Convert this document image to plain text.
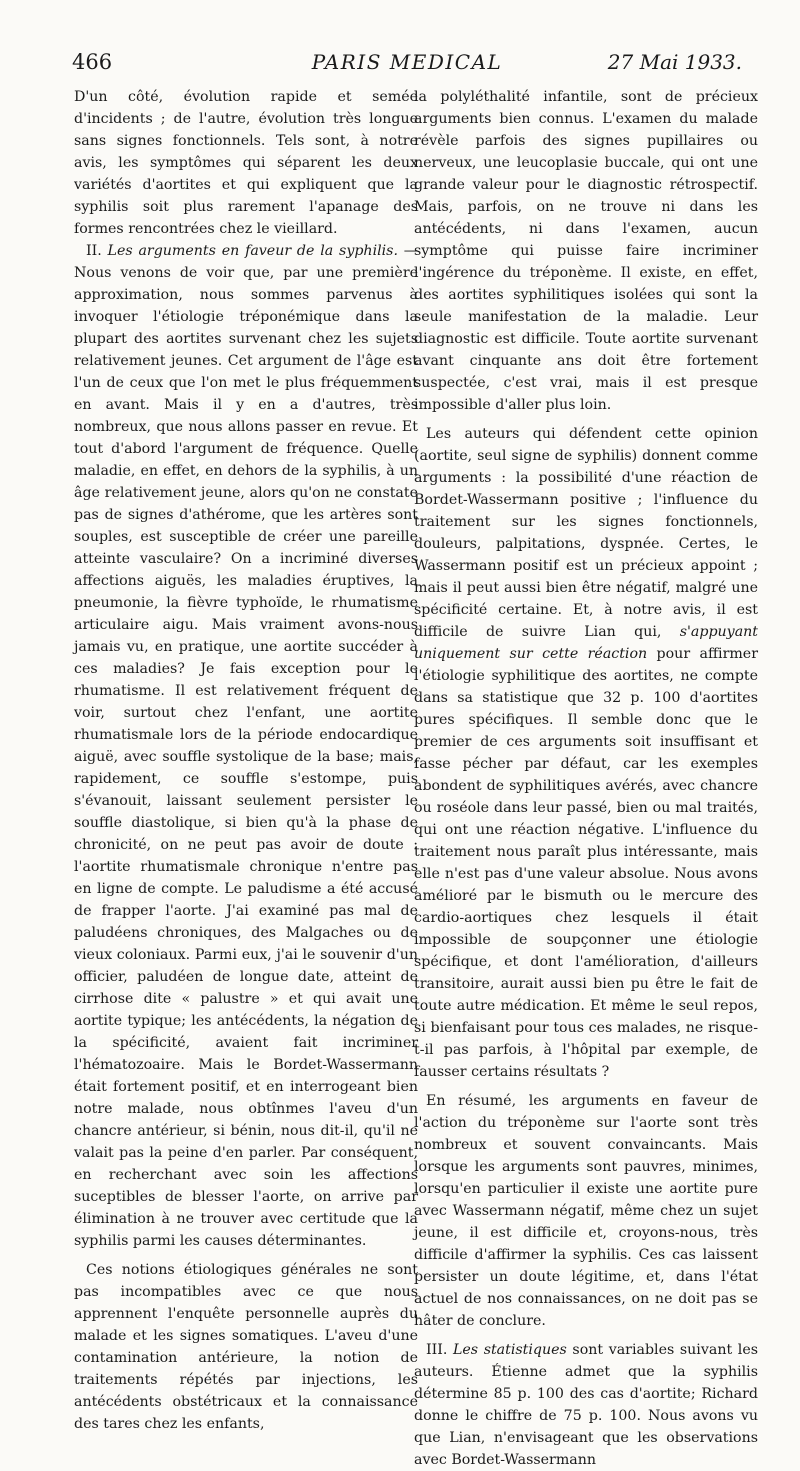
466	PARIS MEDICAL	27 Mai 1933.

D'un côté, évolution rapide et semée d'incidents ; de l'autre, évolution très longue sans signes fonctionnels. Tels sont, à notre avis, les symptômes qui séparent les deux variétés d'aortites et qui expliquent que la syphilis soit plus rarement l'apanage des formes rencontrées chez le vieillard.

II. Les arguments en faveur de la syphilis. — Nous venons de voir que, par une première approximation, nous sommes parvenus à invoquer l'étiologie tréponémique dans la plupart des aortites survenant chez les sujets relativement jeunes. Cet argument de l'âge est l'un de ceux que l'on met le plus fréquemment en avant. Mais il y en a d'autres, très nombreux, que nous allons passer en revue. Et tout d'abord l'argument de fréquence. Quelle maladie, en effet, en dehors de la syphilis, à un âge relativement jeune, alors qu'on ne constate pas de signes d'athérome, que les artères sont souples, est susceptible de créer une pareille atteinte vasculaire? On a incriminé diverses affections aiguës, les maladies éruptives, la pneumonie, la fièvre typhoïde, le rhumatisme articulaire aigu. Mais vraiment avons-nous jamais vu, en pratique, une aortite succéder à ces maladies? Je fais exception pour le rhumatisme. Il est relativement fréquent de voir, surtout chez l'enfant, une aortite rhumatismale lors de la période endocardique aiguë, avec souffle systolique de la base; mais, rapidement, ce souffle s'estompe, puis s'évanouit, laissant seulement persister le souffle diastolique, si bien qu'à la phase de chronicité, on ne peut pas avoir de doute : l'aortite rhumatismale chronique n'entre pas en ligne de compte. Le paludisme a été accusé de frapper l'aorte. J'ai examiné pas mal de paludéens chroniques, des Malgaches ou de vieux coloniaux. Parmi eux, j'ai le souvenir d'un officier, paludéen de longue date, atteint de cirrhose dite « palustre » et qui avait une aortite typique; les antécédents, la négation de la spécificité, avaient fait incriminer l'hématozoaire. Mais le Bordet-Wassermann était fortement positif, et en interrogeant bien notre malade, nous obtînmes l'aveu d'un chancre antérieur, si bénin, nous dit-il, qu'il ne valait pas la peine d'en parler. Par conséquent, en recherchant avec soin les affections suceptibles de blesser l'aorte, on arrive par élimination à ne trouver avec certitude que la syphilis parmi les causes déterminantes.

Ces notions étiologiques générales ne sont pas incompatibles avec ce que nous apprennent l'enquête personnelle auprès du malade et les signes somatiques. L'aveu d'une contamination antérieure, la notion de traitements répétés par injections, les antécédents obstétricaux et la connaissance des tares chez les enfants,

la polyléthalité infantile, sont de précieux arguments bien connus. L'examen du malade révèle parfois des signes pupillaires ou nerveux, une leucoplasie buccale, qui ont une grande valeur pour le diagnostic rétrospectif. Mais, parfois, on ne trouve ni dans les antécédents, ni dans l'examen, aucun symptôme qui puisse faire incriminer l'ingérence du tréponème. Il existe, en effet, des aortites syphilitiques isolées qui sont la seule manifestation de la maladie. Leur diagnostic est difficile. Toute aortite survenant avant cinquante ans doit être fortement suspectée, c'est vrai, mais il est presque impossible d'aller plus loin.

Les auteurs qui défendent cette opinion (aortite, seul signe de syphilis) donnent comme arguments : la possibilité d'une réaction de Bordet-Wassermann positive ; l'influence du traitement sur les signes fonctionnels, douleurs, palpitations, dyspnée. Certes, le Wassermann positif est un précieux appoint ; mais il peut aussi bien être négatif, malgré une spécificité certaine. Et, à notre avis, il est difficile de suivre Lian qui, s'appuyant uniquement sur cette réaction pour affirmer l'étiologie syphilitique des aortites, ne compte dans sa statistique que 32 p. 100 d'aortites pures spécifiques. Il semble donc que le premier de ces arguments soit insuffisant et fasse pécher par défaut, car les exemples abondent de syphilitiques avérés, avec chancre ou roséole dans leur passé, bien ou mal traités, qui ont une réaction négative. L'influence du traitement nous paraît plus intéressante, mais elle n'est pas d'une valeur absolue. Nous avons amélioré par le bismuth ou le mercure des cardio-aortiques chez lesquels il était impossible de soupçonner une étiologie spécifique, et dont l'amélioration, d'ailleurs transitoire, aurait aussi bien pu être le fait de toute autre médication. Et même le seul repos, si bienfaisant pour tous ces malades, ne risque-t-il pas parfois, à l'hôpital par exemple, de fausser certains résultats ?

En résumé, les arguments en faveur de l'action du tréponème sur l'aorte sont très nombreux et souvent convaincants. Mais lorsque les arguments sont pauvres, minimes, lorsqu'en particulier il existe une aortite pure avec Wassermann négatif, même chez un sujet jeune, il est difficile et, croyons-nous, très difficile d'affirmer la syphilis. Ces cas laissent persister un doute légitime, et, dans l'état actuel de nos connaissances, on ne doit pas se hâter de conclure.

III. Les statistiques sont variables suivant les auteurs. Étienne admet que la syphilis détermine 85 p. 100 des cas d'aortite; Richard donne le chiffre de 75 p. 100. Nous avons vu que Lian, n'envisageant que les observations avec Bordet-Wassermann
